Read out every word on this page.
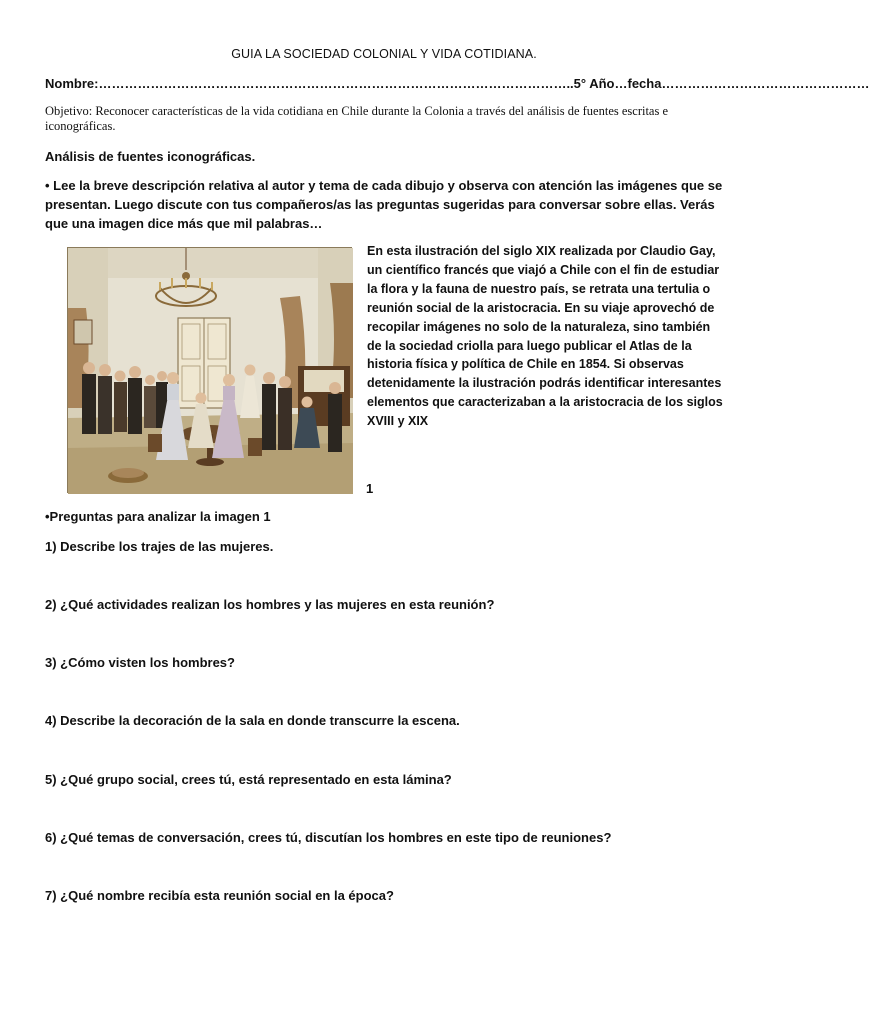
GUIA LA SOCIEDAD COLONIAL Y VIDA COTIDIANA.
Nombre:………………………………………………………………………………………………..5° Año…fecha…………………………………………
Objetivo: Reconocer características de la vida cotidiana en Chile durante la Colonia a través del análisis de fuentes escritas e iconográficas.
Análisis de fuentes iconográficas.
• Lee la breve descripción relativa al autor y tema de cada dibujo y observa con atención las imágenes que se presentan. Luego discute con tus compañeros/as las preguntas sugeridas para conversar sobre ellas. Verás que una imagen dice más que mil palabras…
En esta ilustración del siglo XIX realizada por Claudio Gay, un científico francés que viajó a Chile con el fin de estudiar la flora y la fauna de nuestro país, se retrata una tertulia o reunión social de la aristocracia. En su viaje aprovechó de recopilar imágenes no solo de la naturaleza, sino también de la sociedad criolla para luego publicar el Atlas de la historia física y política de Chile en 1854. Si observas detenidamente la ilustración podrás identificar interesantes elementos que caracterizaban a la aristocracia de los siglos XVIII y XIX
1
•Preguntas para analizar la imagen 1
1) Describe los trajes de las mujeres.
2) ¿Qué actividades realizan los hombres y las mujeres en esta reunión?
3) ¿Cómo visten los hombres?
4) Describe la decoración de la sala en donde transcurre la escena.
5) ¿Qué grupo social, crees tú, está representado en esta lámina?
6) ¿Qué temas de conversación, crees tú, discutían los hombres en este tipo de reuniones?
7) ¿Qué nombre recibía esta reunión social en la época?
